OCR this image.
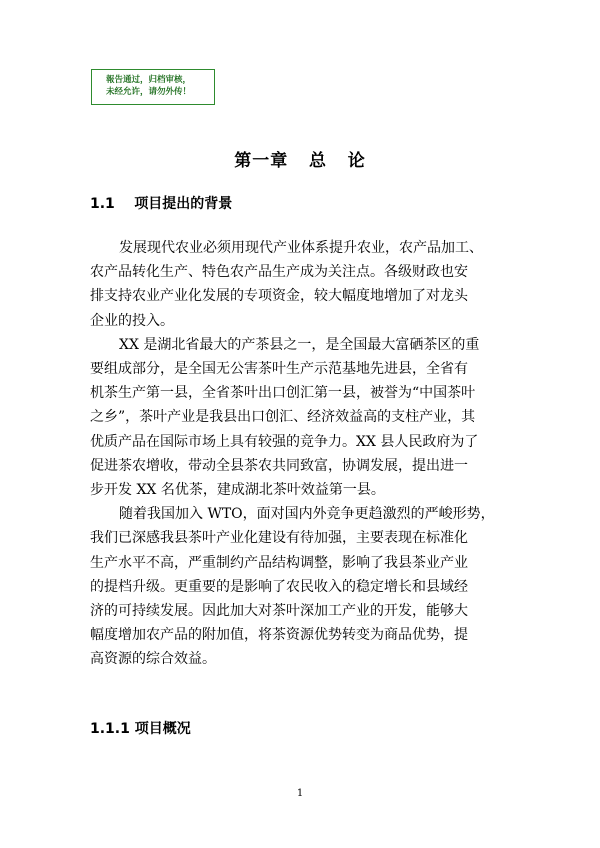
報告通过，归档审核，
未经允许，请勿外传！
第一章   总   论
1.1 项目提出的背景
发展现代农业必须用现代产业体系提升农业，农产品加工、
农产品转化生产、特色农产品生产成为关注点。各级财政也安
排支持农业产业化发展的专项资金，较大幅度地增加了对龙头
企业的投入。
XX 是湖北省最大的产茶县之一，是全国最大富硒茶区的重
要组成部分，是全国无公害茶叶生产示范基地先进县，全省有
机茶生产第一县，全省茶叶出口创汇第一县，被誉为“中国茶叶
之乡”，茶叶产业是我县出口创汇、经济效益高的支柱产业，其
优质产品在国际市场上具有较强的竞争力。XX 县人民政府为了
促进茶农增收，带动全县茶农共同致富，协调发展，提出进一
步开发 XX 名优茶，建成湖北茶叶效益第一县。
随着我国加入 WTO，面对国内外竞争更趋激烈的严峻形势，
我们已深感我县茶叶产业化建设有待加强，主要表现在标准化
生产水平不高，严重制约产品结构调整，影响了我县茶业产业
的提档升级。更重要的是影响了农民收入的稳定增长和县域经
济的可持续发展。因此加大对茶叶深加工产业的开发，能够大
幅度增加农产品的附加值，将茶资源优势转变为商品优势，提
高资源的综合效益。
1.1.1 项目概况
1
